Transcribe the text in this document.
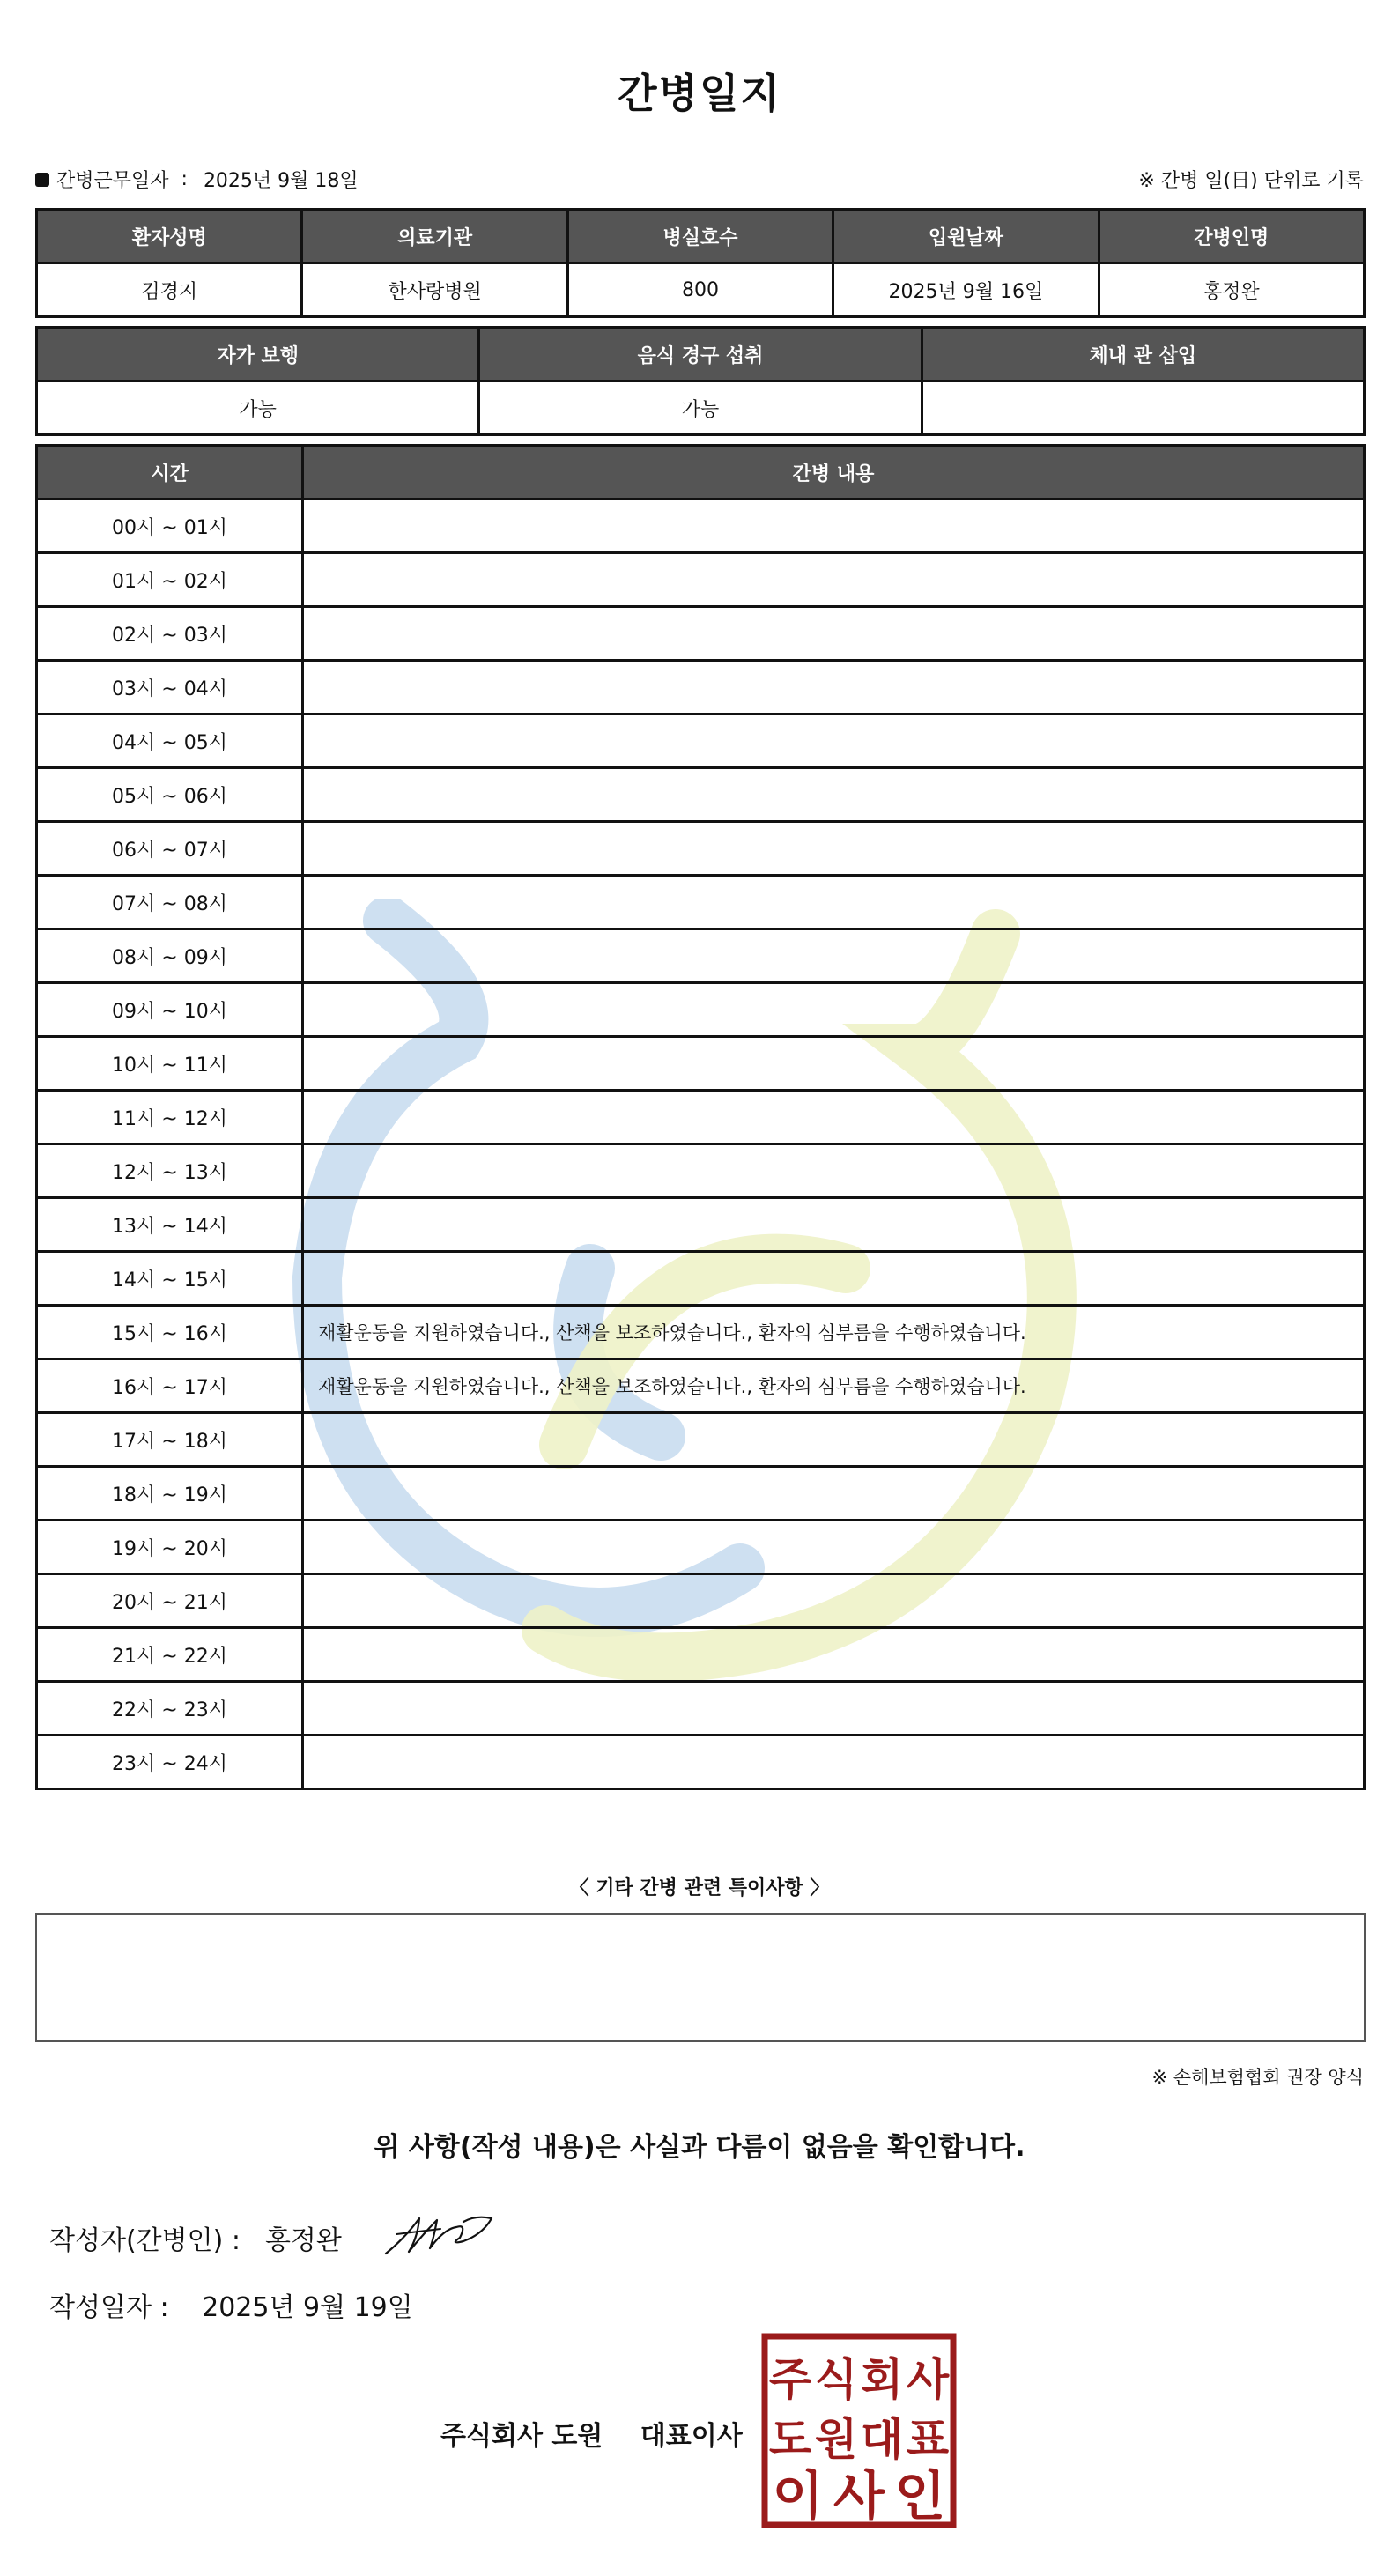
간병일지
간병근무일자 : 2025년 9월 18일	※ 간병 일(日) 단위로 기록
환자성명	의료기관	병실호수	입원날짜	간병인명
김경지	한사랑병원	800	2025년 9월 16일	홍정완
자가 보행	음식 경구 섭취	체내 관 삽입
가능	가능	
시간	간병 내용
00시 ~ 01시	
01시 ~ 02시	
02시 ~ 03시	
03시 ~ 04시	
04시 ~ 05시	
05시 ~ 06시	
06시 ~ 07시	
07시 ~ 08시	
08시 ~ 09시	
09시 ~ 10시	
10시 ~ 11시	
11시 ~ 12시	
12시 ~ 13시	
13시 ~ 14시	
14시 ~ 15시	
15시 ~ 16시	재활운동을 지원하였습니다., 산책을 보조하였습니다., 환자의 심부름을 수행하였습니다.
16시 ~ 17시	재활운동을 지원하였습니다., 산책을 보조하였습니다., 환자의 심부름을 수행하였습니다.
17시 ~ 18시	
18시 ~ 19시	
19시 ~ 20시	
20시 ~ 21시	
21시 ~ 22시	
22시 ~ 23시	
23시 ~ 24시	
〈 기타 간병 관련 특이사항 〉
※ 손해보험협회 권장 양식
위 사항(작성 내용)은 사실과 다름이 없음을 확인합니다.
작성자(간병인) : 홍정완
작성일자 : 2025년 9월 19일
주식회사 도원 대표이사
주 식 회 사
도 원 대 표
이 사 인
